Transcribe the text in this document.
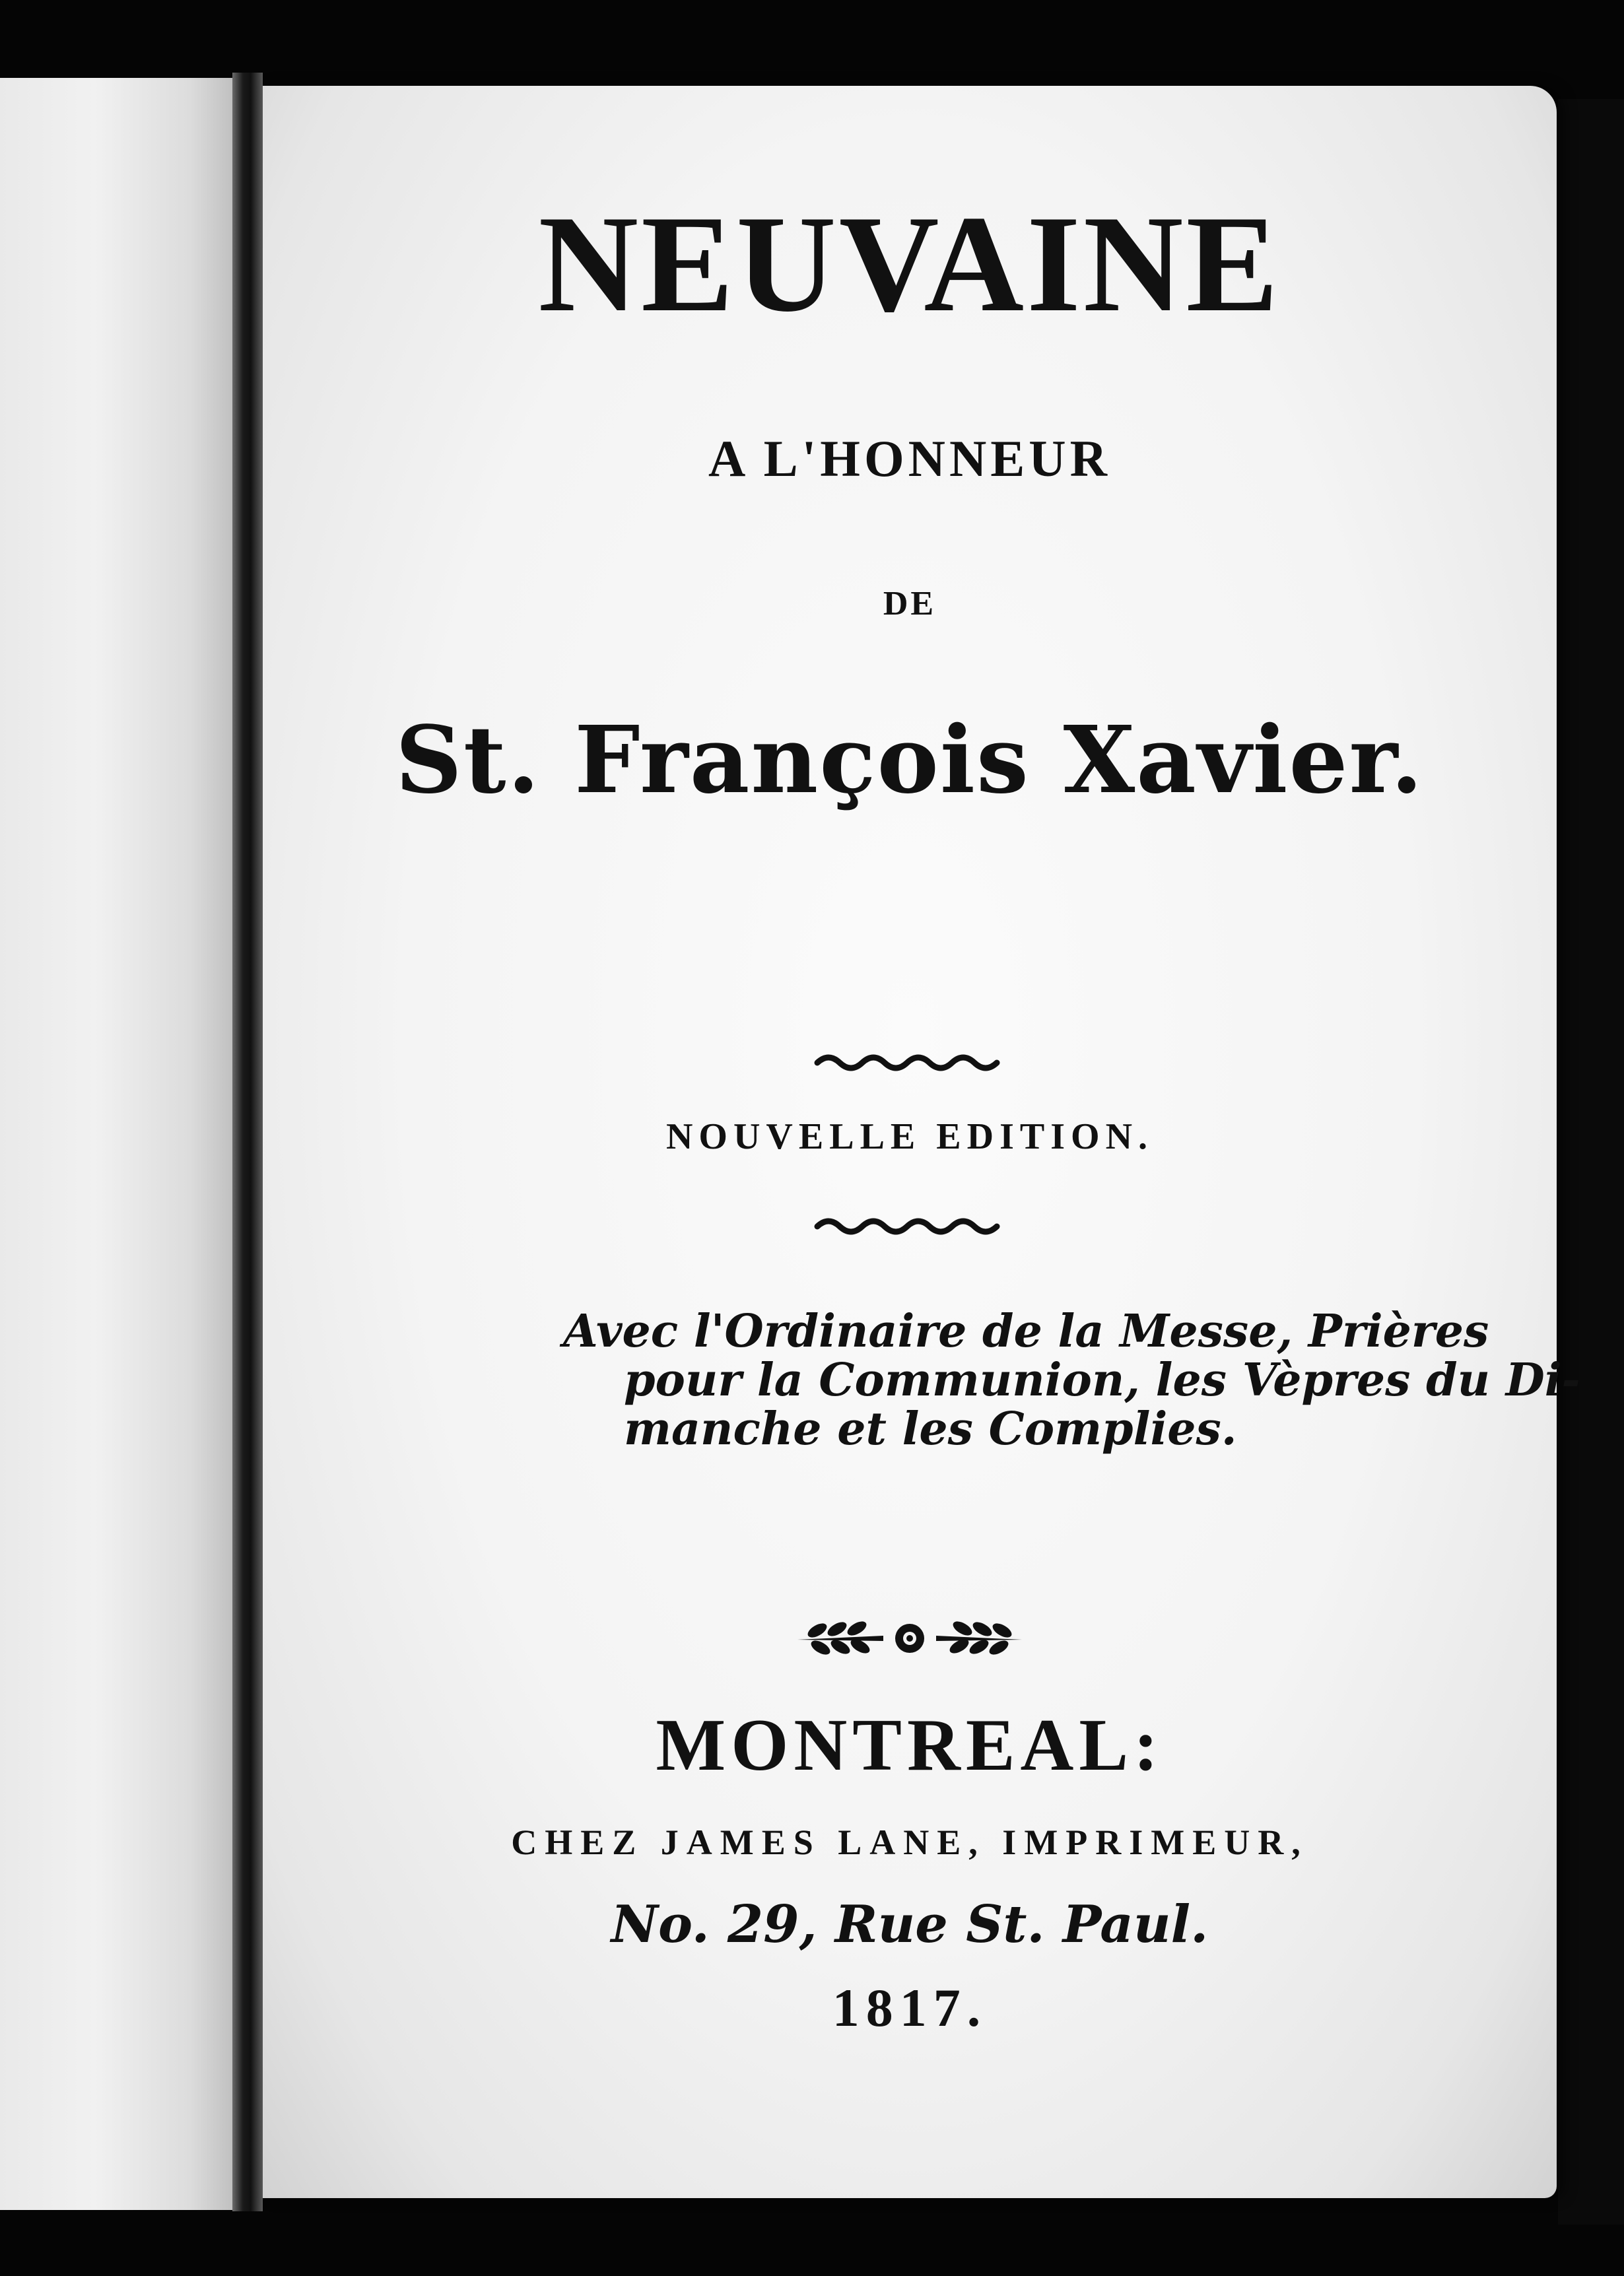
NEUVAINE
A L'HONNEUR
DE
St. François Xavier.
NOUVELLE EDITION.
Avec l'Ordinaire de la Messe, Prières
pour la Communion, les Vèpres du Di-
manche et les Complies.
MONTREAL:
CHEZ JAMES LANE, IMPRIMEUR,
No. 29, Rue St. Paul.
1817.
